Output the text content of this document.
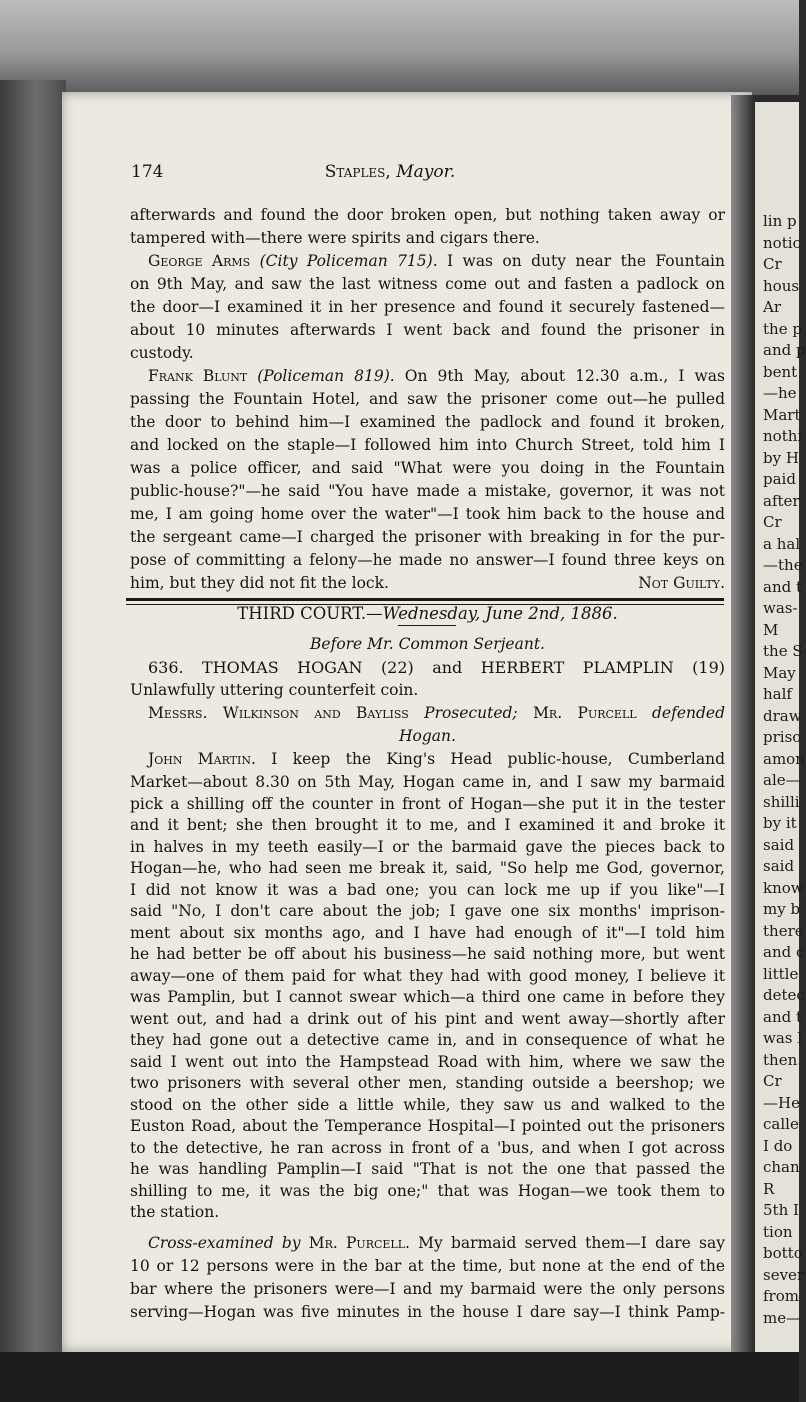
lin p
notic
Cr
hous
Ar
the p
and p
bent
—he
Mart
nothi
by H
paid
after
Cr
a hal
—the
and t
was-
M
the S
May
half
draw
priso
amon
ale—
shilli
by it
said
said
know
my b
there
and c
little
detec
and t
was l
then.
Cr
—He
calle
I do
chan
R
5th I
tion
botto
sever
from
me—
174	Staples, Mayor.
afterwards and found the door broken open, but nothing taken away or
tampered with—there were spirits and cigars there.
George Arms (City Policeman 715). I was on duty near the Fountain
on 9th May, and saw the last witness come out and fasten a padlock on
the door—I examined it in her presence and found it securely fastened—
about 10 minutes afterwards I went back and found the prisoner in
custody.
Frank Blunt (Policeman 819). On 9th May, about 12.30 a.m., I was
passing the Fountain Hotel, and saw the prisoner come out—he pulled
the door to behind him—I examined the padlock and found it broken,
and locked on the staple—I followed him into Church Street, told him I
was a police officer, and said "What were you doing in the Fountain
public-house?"—he said "You have made a mistake, governor, it was not
me, I am going home over the water"—I took him back to the house and
the sergeant came—I charged the prisoner with breaking in for the pur-
pose of committing a felony—he made no answer—I found three keys on
him, but they did not fit the lock.	Not Guilty.
THIRD COURT.—Wednesday, June 2nd, 1886.
Before Mr. Common Serjeant.
636. THOMAS HOGAN (22) and HERBERT PLAMPLIN (19)
Unlawfully uttering counterfeit coin.
Messrs. Wilkinson and Bayliss Prosecuted; Mr. Purcell defended
Hogan.
John Martin. I keep the King's Head public-house, Cumberland
Market—about 8.30 on 5th May, Hogan came in, and I saw my barmaid
pick a shilling off the counter in front of Hogan—she put it in the tester
and it bent; she then brought it to me, and I examined it and broke it
in halves in my teeth easily—I or the barmaid gave the pieces back to
Hogan—he, who had seen me break it, said, "So help me God, governor,
I did not know it was a bad one; you can lock me up if you like"—I
said "No, I don't care about the job; I gave one six months' imprison-
ment about six months ago, and I have had enough of it"—I told him
he had better be off about his business—he said nothing more, but went
away—one of them paid for what they had with good money, I believe it
was Pamplin, but I cannot swear which—a third one came in before they
went out, and had a drink out of his pint and went away—shortly after
they had gone out a detective came in, and in consequence of what he
said I went out into the Hampstead Road with him, where we saw the
two prisoners with several other men, standing outside a beershop; we
stood on the other side a little while, they saw us and walked to the
Euston Road, about the Temperance Hospital—I pointed out the prisoners
to the detective, he ran across in front of a 'bus, and when I got across
he was handling Pamplin—I said "That is not the one that passed the
shilling to me, it was the big one;" that was Hogan—we took them to
the station.
Cross-examined by Mr. Purcell. My barmaid served them—I dare say
10 or 12 persons were in the bar at the time, but none at the end of the
bar where the prisoners were—I and my barmaid were the only persons
serving—Hogan was five minutes in the house I dare say—I think Pamp-
